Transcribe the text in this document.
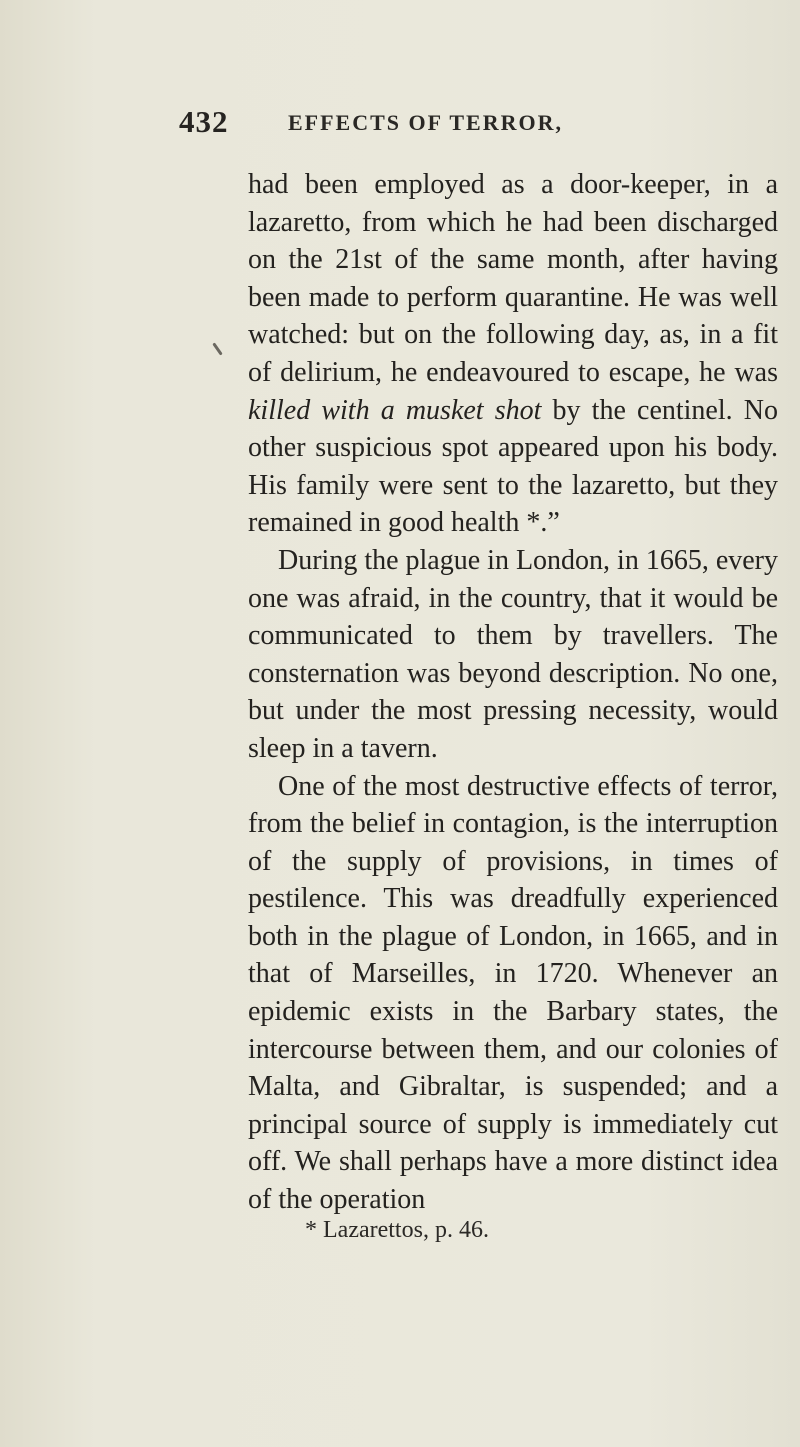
432	EFFECTS OF TERROR,

had been employed as a door-keeper, in a lazaretto, from which he had been discharged on the 21st of the same month, after having been made to perform quarantine. He was well watched: but on the following day, as, in a fit of delirium, he endeavoured to escape, he was killed with a musket shot by the centinel. No other suspicious spot appeared upon his body. His family were sent to the lazaretto, but they remained in good health *.”

During the plague in London, in 1665, every one was afraid, in the country, that it would be communicated to them by travellers. The consternation was beyond description. No one, but under the most pressing necessity, would sleep in a tavern.

One of the most destructive effects of terror, from the belief in contagion, is the interruption of the supply of provisions, in times of pestilence. This was dreadfully experienced both in the plague of London, in 1665, and in that of Marseilles, in 1720. Whenever an epidemic exists in the Barbary states, the intercourse between them, and our colonies of Malta, and Gibraltar, is suspended; and a principal source of supply is immediately cut off. We shall perhaps have a more distinct idea of the operation

* Lazarettos, p. 46.
